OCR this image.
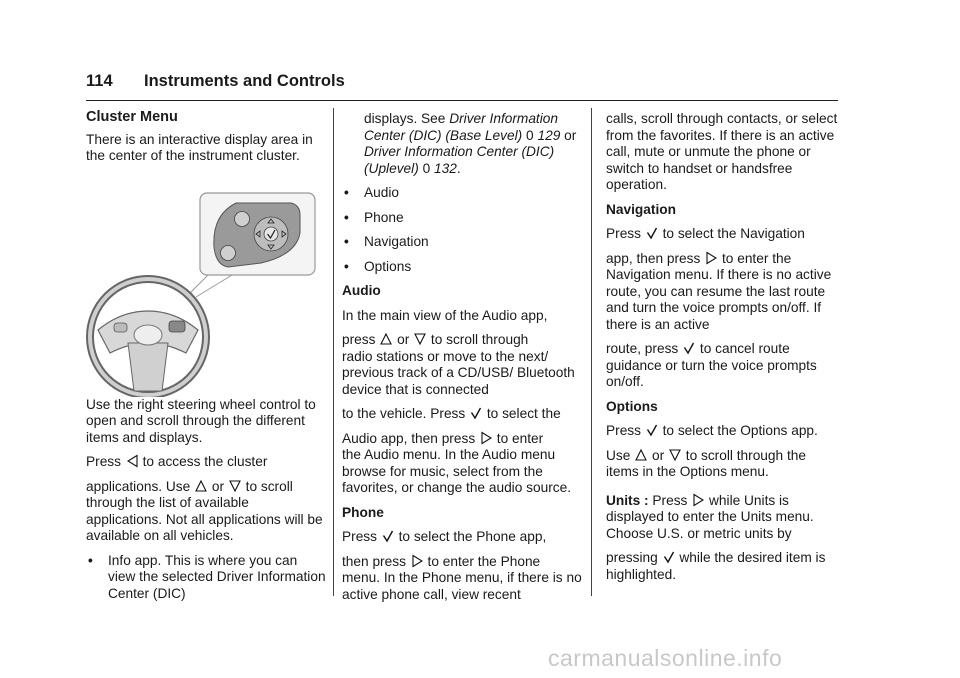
114 Instruments and Controls
Cluster Menu

There is an interactive display area in the center of the instrument cluster.

Use the right steering wheel control to open and scroll through the different items and displays.

Press to access the cluster

applications. Use or to scroll

through the list of available applications. Not all applications will be available on all vehicles.

• Info app. This is where you can view the selected Driver Information Center (DIC)

displays. See Driver Information Center (DIC) (Base Level) 0 129 or Driver Information Center (DIC) (Uplevel) 0 132.

• Audio

• Phone

• Navigation

• Options

Audio

In the main view of the Audio app,

press or to scroll through

radio stations or move to the next/ previous track of a CD/USB/ Bluetooth device that is connected

to the vehicle. Press to select the

Audio app, then press to enter

the Audio menu. In the Audio menu browse for music, select from the favorites, or change the audio source.

Phone

Press to select the Phone app,

then press to enter the Phone

menu. In the Phone menu, if there is no active phone call, view recent

calls, scroll through contacts, or select from the favorites. If there is an active call, mute or unmute the phone or switch to handset or handsfree operation.

Navigation

Press to select the Navigation

app, then press to enter the

Navigation menu. If there is no active route, you can resume the last route and turn the voice prompts on/off. If there is an active

route, press to cancel route

guidance or turn the voice prompts on/off.

Options

Press to select the Options app.

Use or to scroll through the

items in the Options menu.

Units : Press while Units is

displayed to enter the Units menu. Choose U.S. or metric units by

pressing while the desired item is

highlighted.

carmanualsonline.info
